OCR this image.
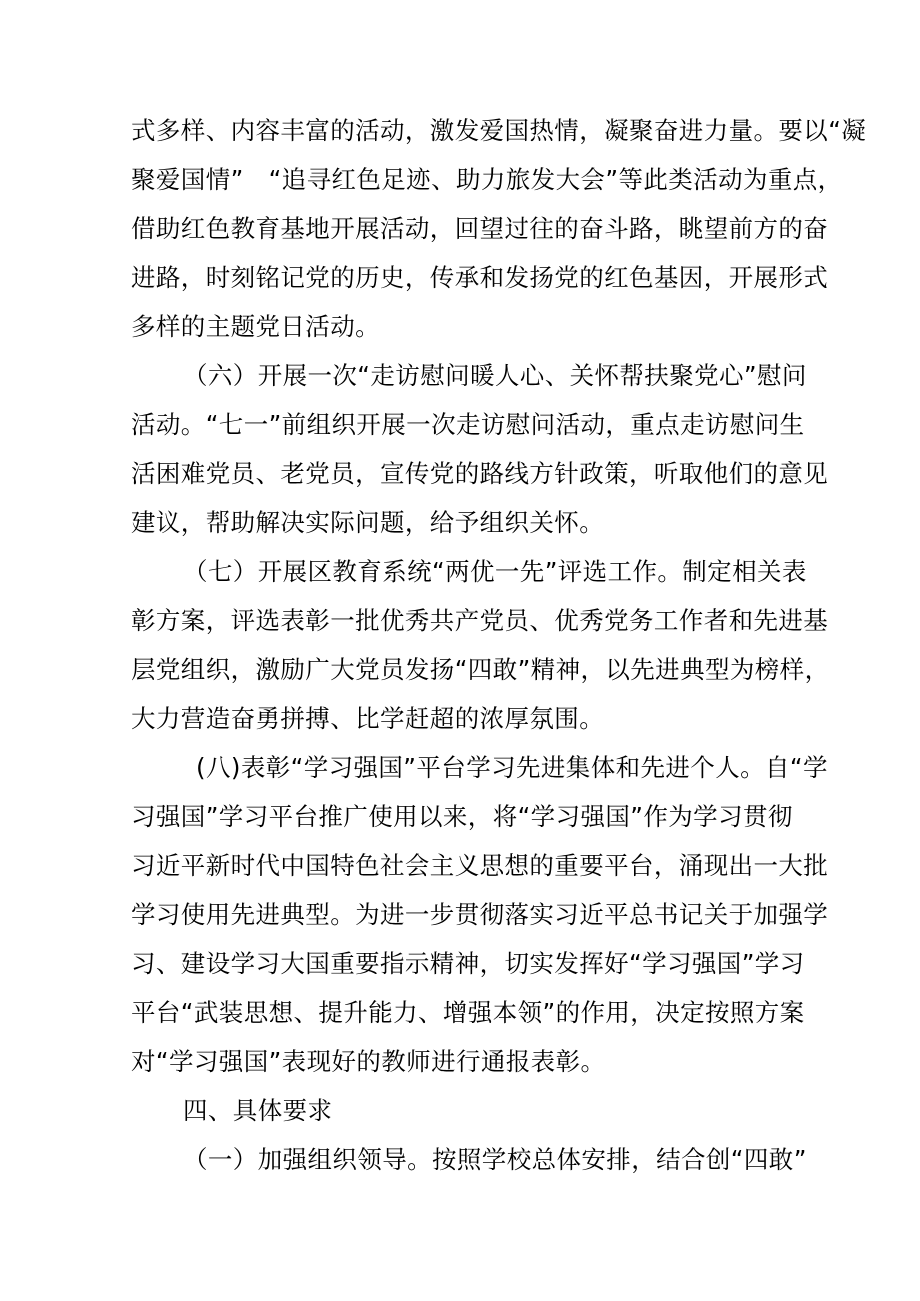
式多样、内容丰富的活动，激发爱国热情，凝聚奋进力量。要以“凝
聚爱国情”　“追寻红色足迹、助力旅发大会”等此类活动为重点，
借助红色教育基地开展活动，回望过往的奋斗路，眺望前方的奋
进路，时刻铭记党的历史，传承和发扬党的红色基因，开展形式
多样的主题党日活动。
（六）开展一次“走访慰问暖人心、关怀帮扶聚党心”慰问
活动。“七一”前组织开展一次走访慰问活动，重点走访慰问生
活困难党员、老党员，宣传党的路线方针政策，听取他们的意见
建议，帮助解决实际问题，给予组织关怀。
（七）开展区教育系统“两优一先”评选工作。制定相关表
彰方案，评选表彰一批优秀共产党员、优秀党务工作者和先进基
层党组织，激励广大党员发扬“四敢”精神，以先进典型为榜样，
大力营造奋勇拼搏、比学赶超的浓厚氛围。
(八)表彰“学习强国”平台学习先进集体和先进个人。自“学
习强国”学习平台推广使用以来，将“学习强国”作为学习贯彻
习近平新时代中国特色社会主义思想的重要平台，涌现出一大批
学习使用先进典型。为进一步贯彻落实习近平总书记关于加强学
习、建设学习大国重要指示精神，切实发挥好“学习强国”学习
平台“武装思想、提升能力、增强本领”的作用，决定按照方案
对“学习强国”表现好的教师进行通报表彰。
四、具体要求
（一）加强组织领导。按照学校总体安排，结合创“四敢”
